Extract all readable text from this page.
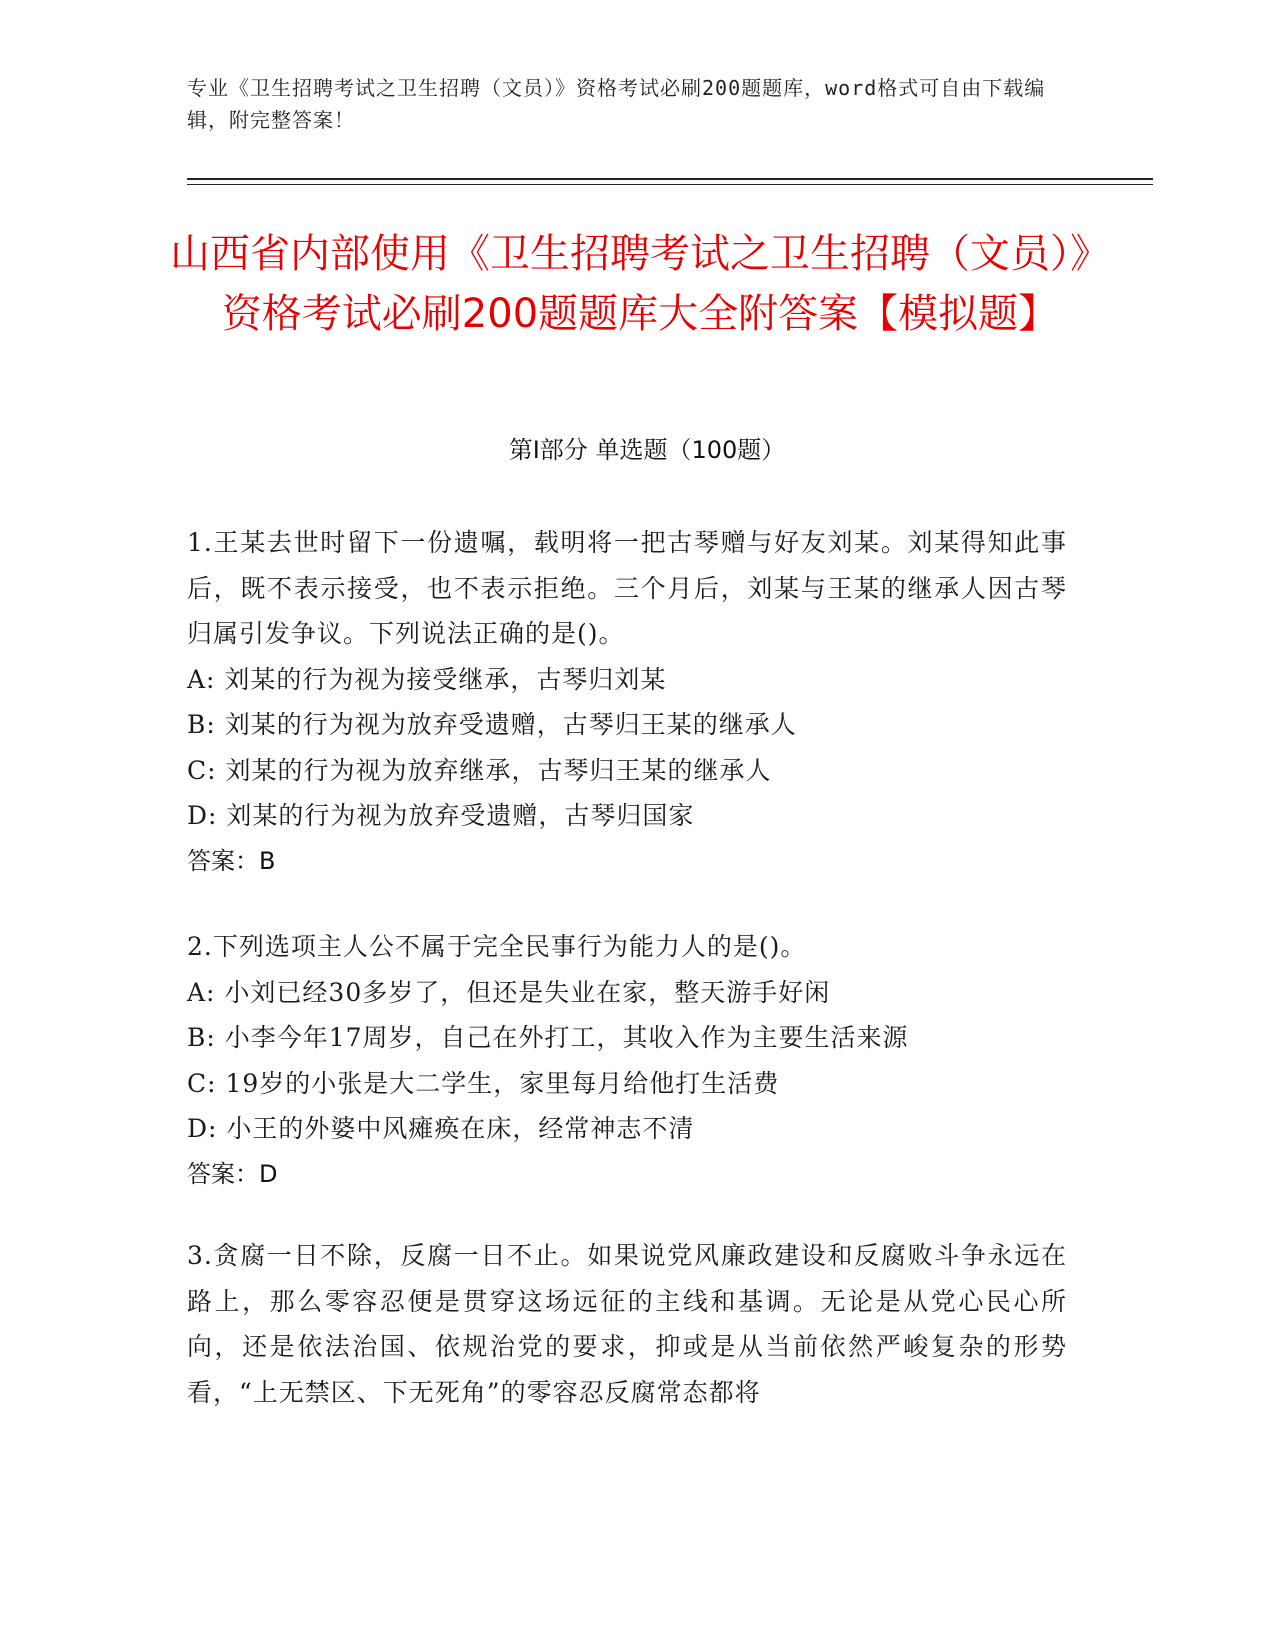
专业《卫生招聘考试之卫生招聘（文员）》资格考试必刷200题题库，word格式可自由下载编辑，附完整答案！
山西省内部使用《卫生招聘考试之卫生招聘（文员）》资格考试必刷200题题库大全附答案【模拟题】
第Ⅰ部分 单选题（100题）
1.王某去世时留下一份遗嘱，载明将一把古琴赠与好友刘某。刘某得知此事后，既不表示接受，也不表示拒绝。三个月后，刘某与王某的继承人因古琴归属引发争议。下列说法正确的是()。
A: 刘某的行为视为接受继承，古琴归刘某
B: 刘某的行为视为放弃受遗赠，古琴归王某的继承人
C: 刘某的行为视为放弃继承，古琴归王某的继承人
D: 刘某的行为视为放弃受遗赠，古琴归国家
答案：B
2.下列选项主人公不属于完全民事行为能力人的是()。
A: 小刘已经30多岁了，但还是失业在家，整天游手好闲
B: 小李今年17周岁，自己在外打工，其收入作为主要生活来源
C: 19岁的小张是大二学生，家里每月给他打生活费
D: 小王的外婆中风瘫痪在床，经常神志不清
答案：D
3.贪腐一日不除，反腐一日不止。如果说党风廉政建设和反腐败斗争永远在路上，那么零容忍便是贯穿这场远征的主线和基调。无论是从党心民心所向，还是依法治国、依规治党的要求，抑或是从当前依然严峻复杂的形势看，“上无禁区、下无死角”的零容忍反腐常态都将
